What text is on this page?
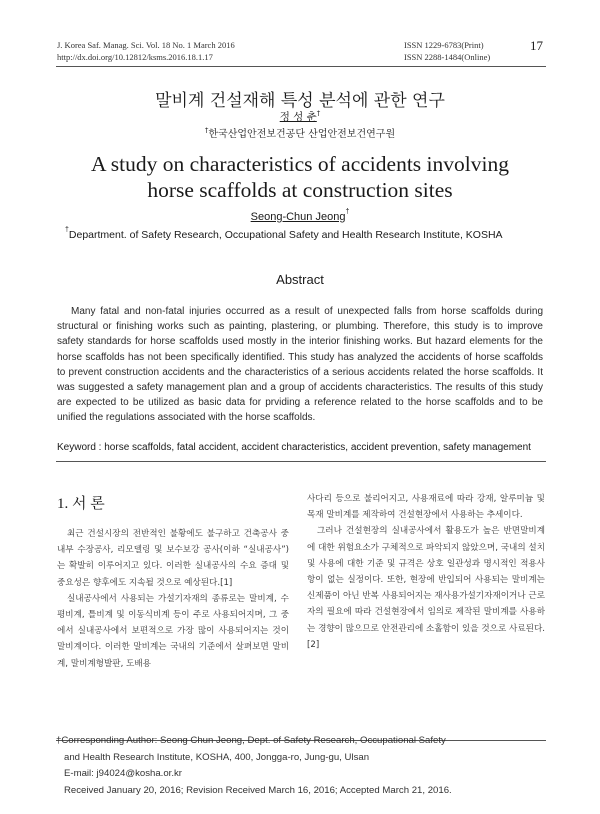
J. Korea Saf. Manag. Sci. Vol. 18 No. 1 March 2016
http://dx.doi.org/10.12812/ksms.2016.18.1.17
ISSN 1229-6783(Print)
ISSN 2288-1484(Online)
17
말비계 건설재해 특성 분석에 관한 연구
정 성 춘†
†한국산업안전보건공단 산업안전보건연구원
A study on characteristics of accidents involving
horse scaffolds at construction sites
Seong-Chun Jeong†
†Department. of Safety Research, Occupational Safety and Health Research Institute, KOSHA
Abstract
Many fatal and non-fatal injuries occurred as a result of unexpected falls from horse scaffolds during structural or finishing works such as painting, plastering, or plumbing. Therefore, this study is to improve safety standards for horse scaffolds used mostly in the interior finishing works. But hazard elements for the horse scaffolds has not been specifically identified. This study has analyzed the accidents of horse scaffolds to prevent construction accidents and the characteristics of a serious accidents related the horse scaffolds. It was suggested a safety management plan and a group of accidents characteristics. The results of this study are expected to be utilized as basic data for prviding a reference related to the horse scaffolds and to be unified the regulations associated with the horse scaffolds.
Keyword : horse scaffolds, fatal accident, accident characteristics, accident prevention, safety management
1. 서 론

최근 건설시장의 전반적인 불황에도 불구하고 건축공사 중 내부 수장공사, 리모델링 및 보수보강 공사(이하 “실내공사”)는 확발히 이루어지고 있다. 이러한 실내공사의 수요 증대 및 중요성은 향후에도 지속될 것으로 예상된다.[1]

실내공사에서 사용되는 가설기자재의 종류로는 말비계, 수평비계, 틀비계 및 이동식비계 등이 주로 사용되어지며, 그 중에서 실내공사에서 보편적으로 가장 많이 사용되어지는 것이 말비계이다. 이러한 말비계는 국내의 기준에서 살펴보면 말비계, 말비계형발판, 도배용

사다리 등으로 불리어지고, 사용재료에 따라 강재, 알루미늄 및 목재 말비계를 제작하여 건설현장에서 사용하는 추세이다.

그러나 건설현장의 실내공사에서 활용도가 높은 반면말비계에 대한 위험요소가 구체적으로 파악되지 않았으며, 국내의 설치 및 사용에 대한 기준 및 규격은 상호 일관성과 명시적인 적용사항이 없는 실정이다. 또한, 현장에 반입되어 사용되는 말비계는 신제품이 아닌 반복 사용되어지는 재사용가설기자재이거나 근로자의 필요에 따라 건설현장에서 임의로 제작된 말비계를 사용하는 경향이 많으므로 안전관리에 소홀함이 있을 것으로 사료된다.[2]

†Corresponding Author: Seong Chun Jeong, Dept. of Safety Research, Occupational Safety
and Health Research Institute, KOSHA, 400, Jongga-ro, Jung-gu, Ulsan
E-mail: j94024@kosha.or.kr
Received January 20, 2016; Revision Received March 16, 2016; Accepted March 21, 2016.
